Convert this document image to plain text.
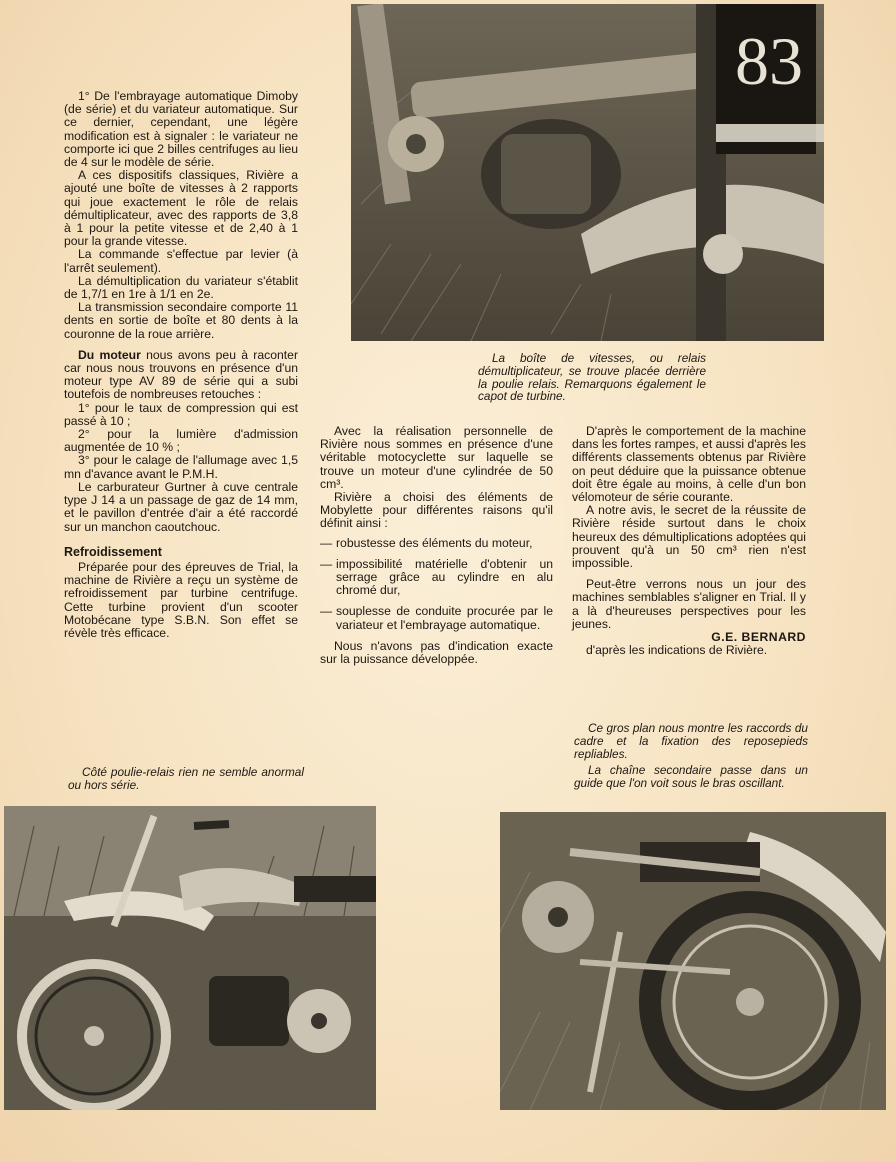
83

La boîte de vitesses, ou relais démultiplicateur, se trouve placée derrière la poulie relais. Remarquons également le capot de turbine.

1° De l'embrayage automatique Dimoby (de série) et du variateur automatique. Sur ce dernier, cependant, une légère modification est à signaler : le variateur ne comporte ici que 2 billes centrifuges au lieu de 4 sur le modèle de série.

A ces dispositifs classiques, Rivière a ajouté une boîte de vitesses à 2 rapports qui joue exactement le rôle de relais démultiplicateur, avec des rapports de 3,8 à 1 pour la petite vitesse et de 2,40 à 1 pour la grande vitesse.

La commande s'effectue par levier (à l'arrêt seulement).

La démultiplication du variateur s'établit de 1,7/1 en 1re à 1/1 en 2e.

La transmission secondaire comporte 11 dents en sortie de boîte et 80 dents à la couronne de la roue arrière.

Du moteur nous avons peu à raconter car nous nous trouvons en présence d'un moteur type AV 89 de série qui a subi toutefois de nombreuses retouches :

1° pour le taux de compression qui est passé à 10 ;

2° pour la lumière d'admission augmentée de 10 % ;

3° pour le calage de l'allumage avec 1,5 mn d'avance avant le P.M.H.

Le carburateur Gurtner à cuve centrale type J 14 a un passage de gaz de 14 mm, et le pavillon d'entrée d'air a été raccordé sur un manchon caoutchouc.

Refroidissement

Préparée pour des épreuves de Trial, la machine de Rivière a reçu un système de refroidissement par turbine centrifuge. Cette turbine provient d'un scooter Motobécane type S.B.N. Son effet se révèle très efficace.

Avec la réalisation personnelle de Rivière nous sommes en présence d'une véritable motocyclette sur laquelle se trouve un moteur d'une cylindrée de 50 cm³.

Rivière a choisi des éléments de Mobylette pour différentes raisons qu'il définit ainsi :

— robustesse des éléments du moteur,
— impossibilité matérielle d'obtenir un serrage grâce au cylindre en alu chromé dur,
— souplesse de conduite procurée par le variateur et l'embrayage automatique.

Nous n'avons pas d'indication exacte sur la puissance développée.

D'après le comportement de la machine dans les fortes rampes, et aussi d'après les différents classements obtenus par Rivière on peut déduire que la puissance obtenue doit être égale au moins, à celle d'un bon vélomoteur de série courante.

A notre avis, le secret de la réussite de Rivière réside surtout dans le choix heureux des démultiplications adoptées qui prouvent qu'à un 50 cm³ rien n'est impossible.

Peut-être verrons nous un jour des machines semblables s'aligner en Trial. Il y a là d'heureuses perspectives pour les jeunes.

G.E. BERNARD

d'après les indications de Rivière.

Côté poulie-relais rien ne semble anormal ou hors série.

Ce gros plan nous montre les raccords du cadre et la fixation des reposepieds repliables.

La chaîne secondaire passe dans un guide que l'on voit sous le bras oscillant.
